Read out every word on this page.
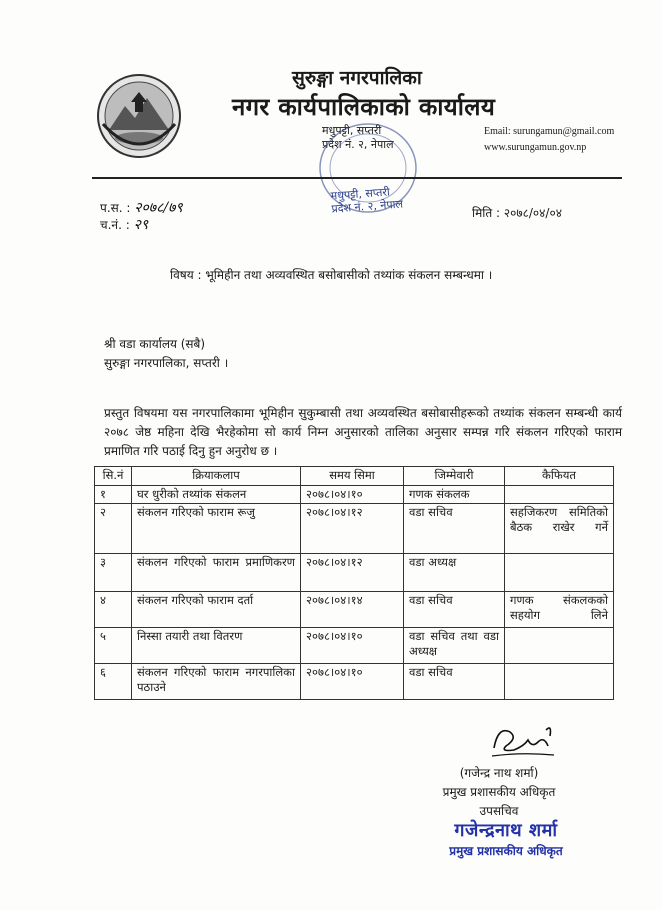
सुरुङ्गा नगरपालिका
नगर कार्यपालिकाको कार्यालय
मधुपट्टी, सप्तरी
प्रदेश नं. २, नेपाल
Email: surungamun@gmail.com
www.surungamun.gov.np
मधुपट्टी, सप्तरी
प्रदेश नं. २, नेपाल
प.स. : २०७८/७९
च.नं. : २९
मिति : २०७८/०४/०४
विषय : भूमिहीन तथा अव्यवस्थित बसोबासीको तथ्यांक संकलन सम्बन्धमा ।
श्री वडा कार्यालय (सबै)
सुरुङ्गा नगरपालिका, सप्तरी ।
प्रस्तुत विषयमा यस नगरपालिकामा भूमिहीन सुकुम्बासी तथा अव्यवस्थित बसोबासीहरूको तथ्यांक संकलन सम्बन्धी कार्य २०७८ जेष्ठ महिना देखि भैरहेकोमा सो कार्य निम्न अनुसारको तालिका अनुसार सम्पन्न गरि संकलन गरिएको फाराम प्रमाणित गरि पठाई दिनु हुन अनुरोध छ ।
सि.नं	क्रियाकलाप	समय सिमा	जिम्मेवारी	कैफियत
१	घर धुरीको तथ्यांक संकलन	२०७८।०४।१०	गणक संकलक	
२	संकलन गरिएको फाराम रूजु	२०७८।०४।१२	वडा सचिव	सहजिकरण समितिको बैठक राखेर गर्ने
३	संकलन गरिएको फाराम प्रमाणिकरण	२०७८।०४।१२	वडा अध्यक्ष	
४	संकलन गरिएको फाराम दर्ता	२०७८।०४।१४	वडा सचिव	गणक संकलकको सहयोग लिने
५	निस्सा तयारी तथा वितरण	२०७८।०४।१०	वडा सचिव तथा वडा अध्यक्ष	
६	संकलन गरिएको फाराम नगरपालिका पठाउने	२०७८।०४।१०	वडा सचिव	
(गजेन्द्र नाथ शर्मा)
प्रमुख प्रशासकीय अधिकृत
उपसचिव
गजेन्द्रनाथ शर्मा
प्रमुख प्रशासकीय अधिकृत
